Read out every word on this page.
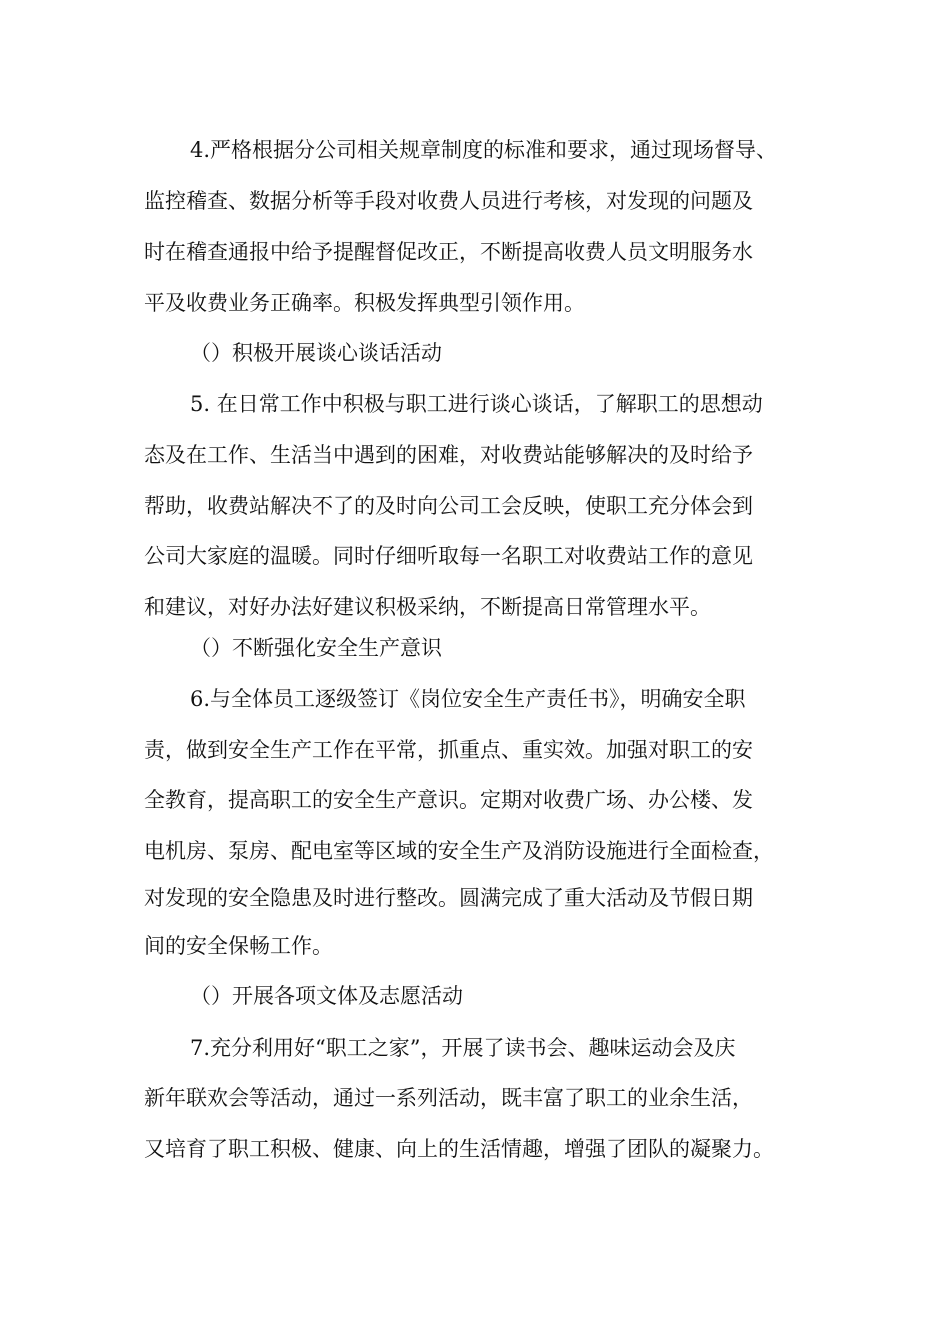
4.严格根据分公司相关规章制度的标准和要求，通过现场督导、
监控稽查、数据分析等手段对收费人员进行考核，对发现的问题及
时在稽查通报中给予提醒督促改正，不断提高收费人员文明服务水
平及收费业务正确率。积极发挥典型引领作用。
（）积极开展谈心谈话活动
5. 在日常工作中积极与职工进行谈心谈话，了解职工的思想动
态及在工作、生活当中遇到的困难，对收费站能够解决的及时给予
帮助，收费站解决不了的及时向公司工会反映，使职工充分体会到
公司大家庭的温暖。同时仔细听取每一名职工对收费站工作的意见
和建议，对好办法好建议积极采纳，不断提高日常管理水平。
（）不断强化安全生产意识
6.与全体员工逐级签订《岗位安全生产责任书》，明确安全职
责，做到安全生产工作在平常，抓重点、重实效。加强对职工的安
全教育，提高职工的安全生产意识。定期对收费广场、办公楼、发
电机房、泵房、配电室等区域的安全生产及消防设施进行全面检查，
对发现的安全隐患及时进行整改。圆满完成了重大活动及节假日期
间的安全保畅工作。
（）开展各项文体及志愿活动
7.充分利用好“职工之家”，开展了读书会、趣味运动会及庆
新年联欢会等活动，通过一系列活动，既丰富了职工的业余生活，
又培育了职工积极、健康、向上的生活情趣，增强了团队的凝聚力。
